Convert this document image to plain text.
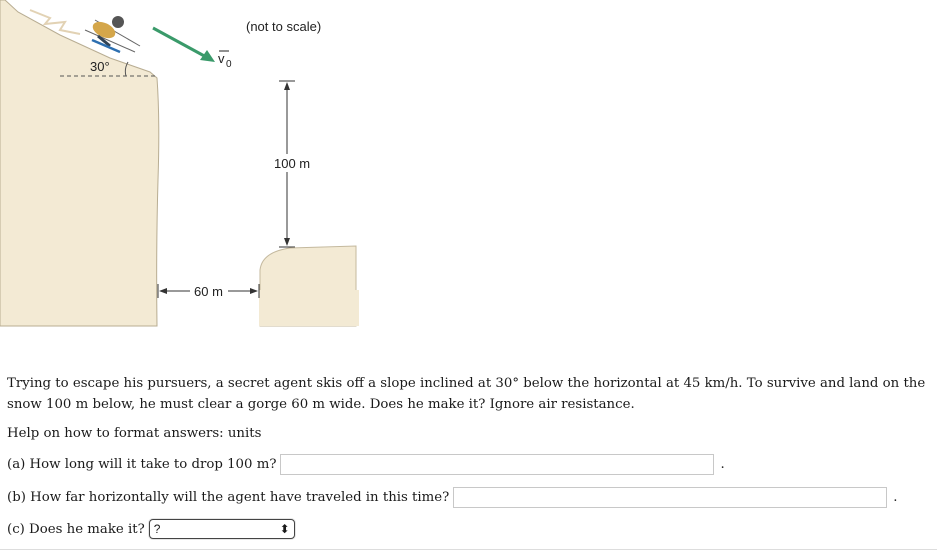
30°
v 0
(not to scale)
100 m
60 m
Trying to escape his pursuers, a secret agent skis off a slope inclined at 30° below the horizontal at 45 km/h. To survive and land on the snow 100 m below, he must clear a gorge 60 m wide. Does he make it? Ignore air resistance.
Help on how to format answers: units
(a) How long will it take to drop 100 m?	.
(b) How far horizontally will the agent have traveled in this time?	.
(c) Does he make it? ?	⬍
